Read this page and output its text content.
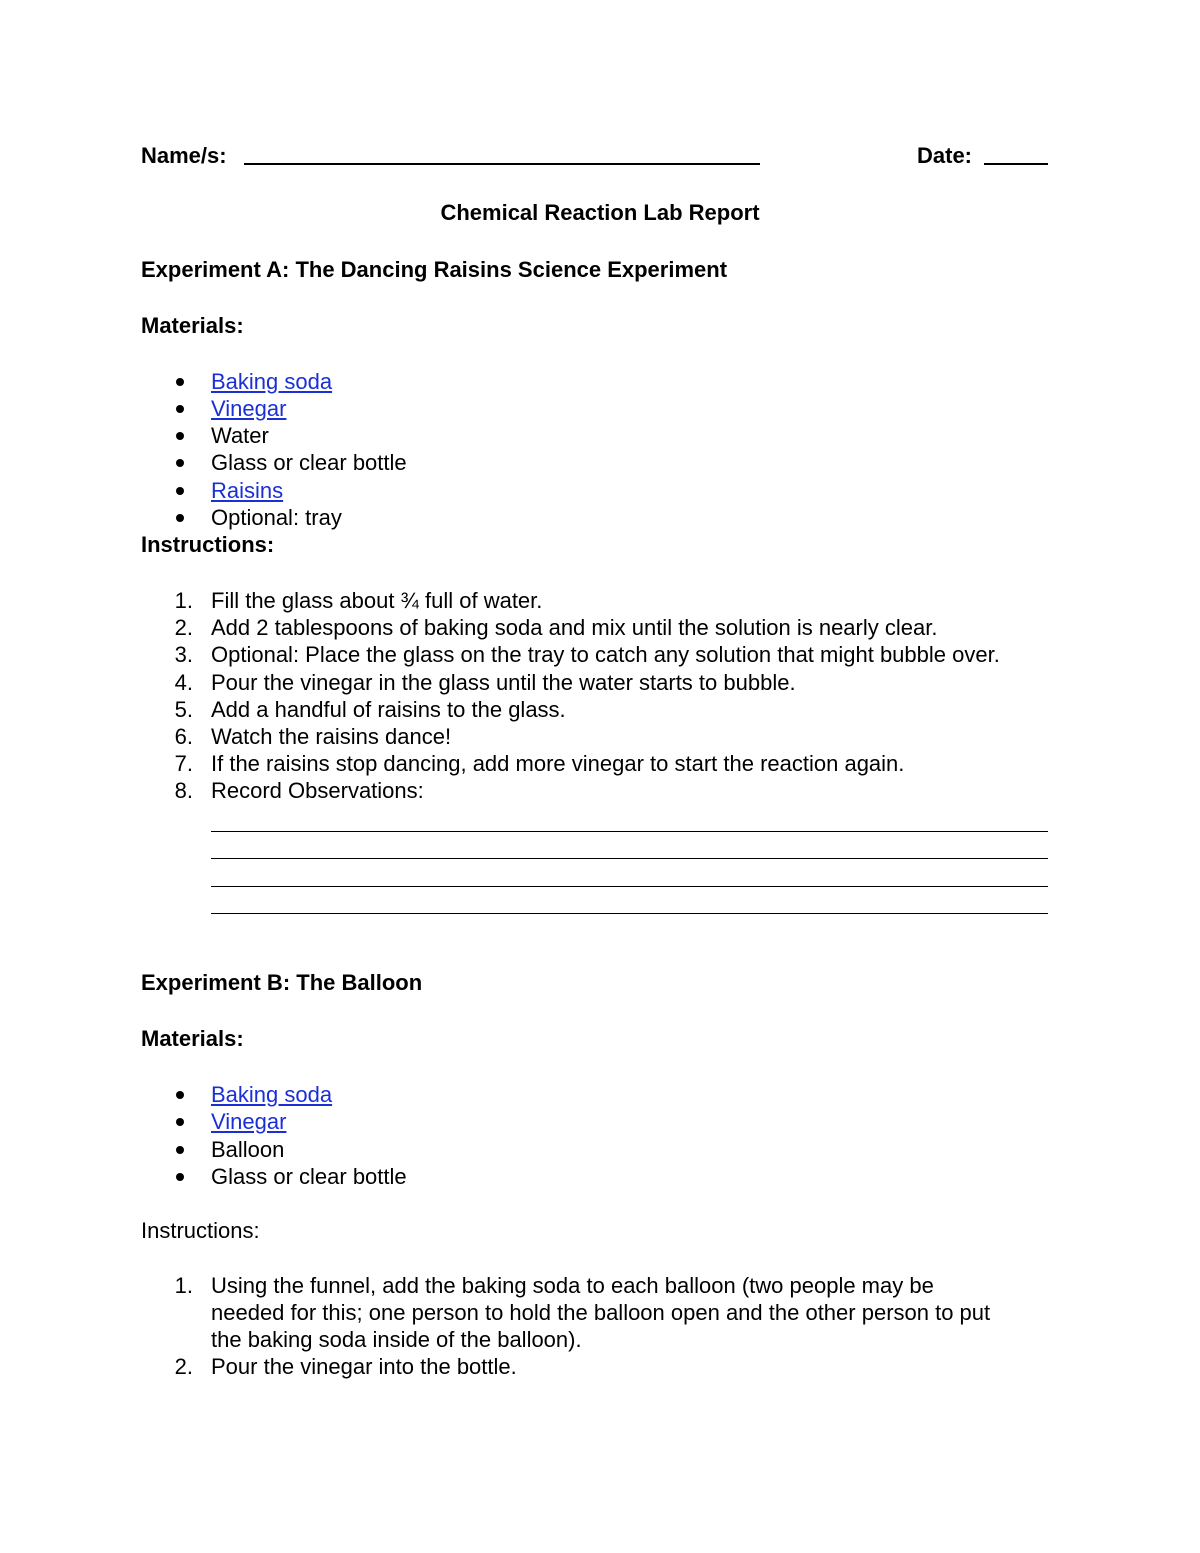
Name/s:	Date:
Chemical Reaction Lab Report
Experiment A: The Dancing Raisins Science Experiment
Materials:
Baking soda
Vinegar
Water
Glass or clear bottle
Raisins
Optional: tray
Instructions:
1. Fill the glass about ¾ full of water.
2. Add 2 tablespoons of baking soda and mix until the solution is nearly clear.
3. Optional: Place the glass on the tray to catch any solution that might bubble over.
4. Pour the vinegar in the glass until the water starts to bubble.
5. Add a handful of raisins to the glass.
6. Watch the raisins dance!
7. If the raisins stop dancing, add more vinegar to start the reaction again.
8. Record Observations:
Experiment B: The Balloon
Materials:
Baking soda
Vinegar
Balloon
Glass or clear bottle
Instructions:
1. Using the funnel, add the baking soda to each balloon (two people may be
needed for this; one person to hold the balloon open and the other person to put
the baking soda inside of the balloon).
2. Pour the vinegar into the bottle.
